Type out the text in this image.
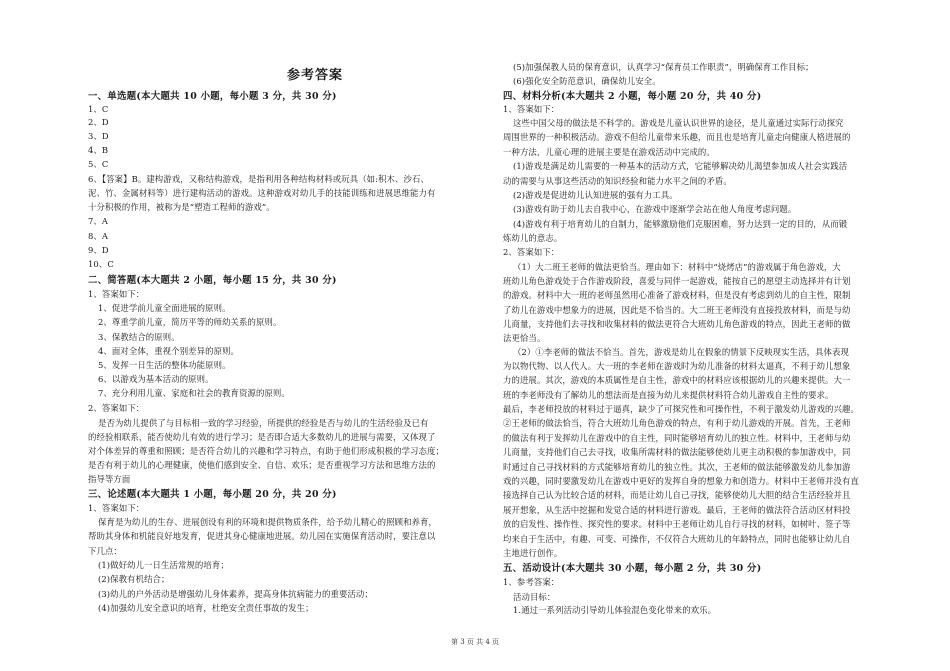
参考答案
一、单选题(本大题共 10 小题，每小题 3 分，共 30 分)
1、C
2、D
3、D
4、B
5、C
6、【答案】B。建构游戏，又称结构游戏，是指利用各种结构材料或玩具（如:积木、沙石、
泥、竹、金属材料等）进行建构活动的游戏。这种游戏对幼儿手的技能训练和进展思维能力有
十分积极的作用，被称为是“塑造工程师的游戏”。
7、A
8、A
9、D
10、C
二、简答题(本大题共 2 小题，每小题 15 分，共 30 分)
1、答案如下：
1、促进学前儿童全面进展的原则。
2、尊重学前儿童，简历平等的师幼关系的原则。
3、保教结合的原则。
4、面对全体，重视个别差异的原则。
5、发挥一日生活的整体功能原则。
6、以游戏为基本活动的原则。
7、充分利用儿童、家庭和社会的教育资源的原则。
2、答案如下：
是否为幼儿提供了与目标相一致的学习经验，所提供的经验是否与幼儿的生活经验及已有
的经验相联系，能否使幼儿有效的进行学习；是否即合适大多数幼儿的进展与需要，又体现了
对个体差异的尊重和照顾；是否符合幼儿的兴趣和学习特点，有助于他们形成积极的学习态度；
是否有利于幼儿的心理健康，使他们感到安全、自信、欢乐；是否重视学习方法和思维方法的
指导等方面
三、论述题(本大题共 1 小题，每小题 20 分，共 20 分)
1、答案如下：
保育是为幼儿的生存、进展创设有利的环境和提供物质条件，给予幼儿精心的照顾和养育，
帮助其身体和机能良好地发育，促进其身心健康地进展。幼儿园在实施保育活动时，要注意以
下几点：
(1)做好幼儿一日生活常规的培育；
(2)保教有机结合；
(3)幼儿的户外活动是增强幼儿身体素养，提高身体抗病能力的重要活动；
(4)加强幼儿安全意识的培育，杜绝安全责任事故的发生；
(5)加强保教人员的保育意识，认真学习“保育员工作职责”，明确保育工作目标；
(6)强化安全防范意识，确保幼儿安全。
四、材料分析(本大题共 2 小题，每小题 20 分，共 40 分)
1、答案如下：
这些中国父母的做法是不科学的。游戏是儿童认识世界的途径，是儿童通过实际行动探究
周围世界的一种积极活动。游戏不但给儿童带来乐趣，而且也是培育儿童走向健康人格进展的
一种方法，儿童心理的进展主要是在游戏活动中完成的。
(1)游戏是满足幼儿需要的一种基本的活动方式，它能够解决幼儿渴望参加成人社会实践活
动的需要与从事这些活动的知识经验和能力水平之间的矛盾。
(2)游戏是促进幼儿认知进展的强有力工具。
(3)游戏有助于幼儿去自我中心，在游戏中逐渐学会站在他人角度考虑问题。
(4)游戏有利于培育幼儿的自制力，能够激励他们克服困难，努力达到一定的目的，从而锻
炼幼儿的意志。
2、答案如下：
（1）大二班王老师的做法更恰当。理由如下：材料中“烧烤店”的游戏属于角色游戏，大
班幼儿角色游戏处于合作游戏阶段，喜爱与同伴一起游戏，能按自己的愿望主动选择并有计划
的游戏。材料中大一班的老师虽然用心准备了游戏材料，但是没有考虑到幼儿的自主性，限制
了幼儿在游戏中想象力的进展，因此是不恰当的。大二班王老师没有直接投放材料，而是与幼
儿商量，支持他们去寻找和收集材料的做法更符合大班幼儿角色游戏的特点，因此王老师的做
法更恰当。
（2）①李老师的做法不恰当。首先，游戏是幼儿在假象的情景下反映现实生活，具体表现
为以物代物、以人代人。大一班的李老师在游戏时为幼儿准备的材料太逼真，不利于幼儿想象
力的进展。其次，游戏的本质属性是自主性，游戏中的材料应该根据幼儿的兴趣来提供。大一
班的李老师没有了解幼儿的想法而是直接为幼儿来提供材料符合幼儿游戏自主性的要求。
最后，李老师投放的材料过于逼真，缺少了可探究性和可操作性，不利于激发幼儿游戏的兴趣。
②王老师的做法恰当，符合大班幼儿角色游戏的特点，有利于幼儿游戏的开展。首先，王老师
的做法有利于发挥幼儿在游戏中的自主性，同时能够培育幼儿的独立性。材料中，王老师与幼
儿商量，支持他们自己去寻找，收集所需材料的做法能够使幼儿更主动积极的参加游戏中，同
时通过自己寻找材料的方式能够培育幼儿的独立性。其次，王老师的做法能够激发幼儿参加游
戏的兴趣，同时要激发幼儿在游戏中更好的发挥自身的想象力和创造力。材料中王老师并没有直
接选择自己认为比较合适的材料，而是让幼儿自己寻找，能够使幼儿大胆的结合生活经验并且
展开想象，从生活中挖掘和发觉合适的材料进行游戏。最后，王老师的做法符合活动区材料投
放的启发性、操作性、探究性的要求。材料中王老师让幼儿自行寻找的材料，如树叶、签子等
均来自于生活中，有趣、可变、可操作，不仅符合大班幼儿的年龄特点，同时也能够让幼儿自
主地进行创作。
五、活动设计(本大题共 30 小题，每小题 2 分，共 30 分)
1、参考答案：
活动目标：
1.通过一系列活动引导幼儿体验混色变化带来的欢乐。
第 3 页 共 4 页
